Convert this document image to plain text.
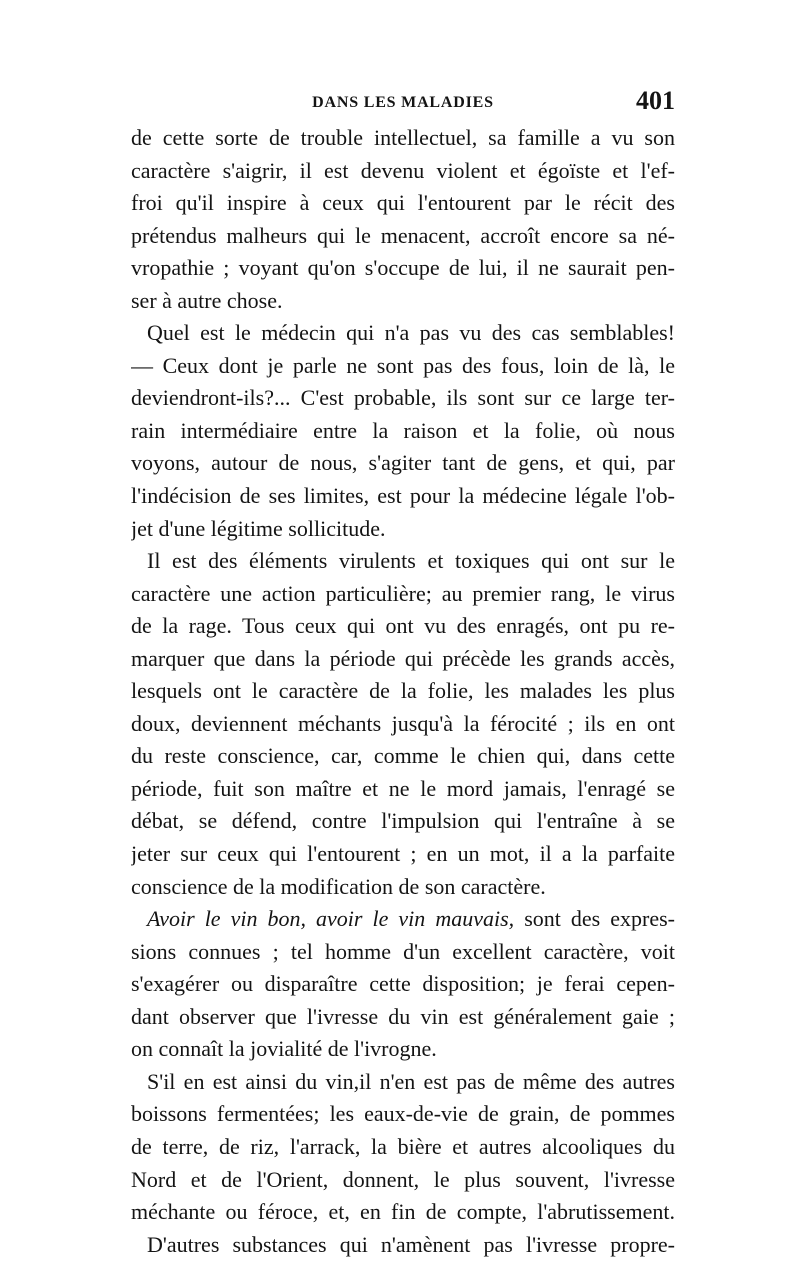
DANS LES MALADIES	401
de cette sorte de trouble intellectuel, sa famille a vu son
caractère s'aigrir, il est devenu violent et égoïste et l'ef-
froi qu'il inspire à ceux qui l'entourent par le récit des
prétendus malheurs qui le menacent, accroît encore sa né-
vropathie ; voyant qu'on s'occupe de lui, il ne saurait pen-
ser à autre chose.
Quel est le médecin qui n'a pas vu des cas semblables!
— Ceux dont je parle ne sont pas des fous, loin de là, le
deviendront-ils?... C'est probable, ils sont sur ce large ter-
rain intermédiaire entre la raison et la folie, où nous
voyons, autour de nous, s'agiter tant de gens, et qui, par
l'indécision de ses limites, est pour la médecine légale l'ob-
jet d'une légitime sollicitude.
Il est des éléments virulents et toxiques qui ont sur le
caractère une action particulière; au premier rang, le virus
de la rage. Tous ceux qui ont vu des enragés, ont pu re-
marquer que dans la période qui précède les grands accès,
lesquels ont le caractère de la folie, les malades les plus
doux, deviennent méchants jusqu'à la férocité ; ils en ont
du reste conscience, car, comme le chien qui, dans cette
période, fuit son maître et ne le mord jamais, l'enragé se
débat, se défend, contre l'impulsion qui l'entraîne à se
jeter sur ceux qui l'entourent ; en un mot, il a la parfaite
conscience de la modification de son caractère.
Avoir le vin bon, avoir le vin mauvais, sont des expres-
sions connues ; tel homme d'un excellent caractère, voit
s'exagérer ou disparaître cette disposition; je ferai cepen-
dant observer que l'ivresse du vin est généralement gaie ;
on connaît la jovialité de l'ivrogne.
S'il en est ainsi du vin,il n'en est pas de même des autres
boissons fermentées; les eaux-de-vie de grain, de pommes
de terre, de riz, l'arrack, la bière et autres alcooliques du
Nord et de l'Orient, donnent, le plus souvent, l'ivresse
méchante ou féroce, et, en fin de compte, l'abrutissement.
D'autres substances qui n'amènent pas l'ivresse propre-
